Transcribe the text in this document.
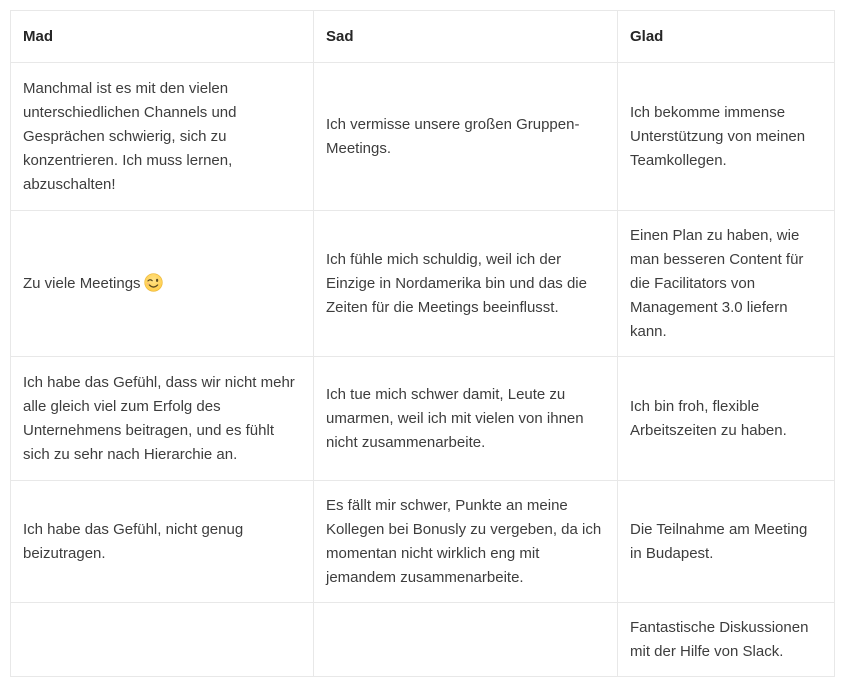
Mad	Sad	Glad
Manchmal ist es mit den vielen unterschiedlichen Channels und Gesprächen schwierig, sich zu konzentrieren. Ich muss lernen, abzuschalten!	Ich vermisse unsere großen Gruppen-Meetings.	Ich bekomme immense Unterstützung von meinen Teamkollegen.
Zu viele Meetings	Ich fühle mich schuldig, weil ich der Einzige in Nordamerika bin und das die Zeiten für die Meetings beeinflusst.	Einen Plan zu haben, wie man besseren Content für die Facilitators von Management 3.0 liefern kann.
Ich habe das Gefühl, dass wir nicht mehr alle gleich viel zum Erfolg des Unternehmens beitragen, und es fühlt sich zu sehr nach Hierarchie an.	Ich tue mich schwer damit, Leute zu umarmen, weil ich mit vielen von ihnen nicht zusammenarbeite.	Ich bin froh, flexible Arbeitszeiten zu haben.
Ich habe das Gefühl, nicht genug beizutragen.	Es fällt mir schwer, Punkte an meine Kollegen bei Bonusly zu vergeben, da ich momentan nicht wirklich eng mit jemandem zusammenarbeite.	Die Teilnahme am Meeting in Budapest.
		Fantastische Diskussionen mit der Hilfe von Slack.
